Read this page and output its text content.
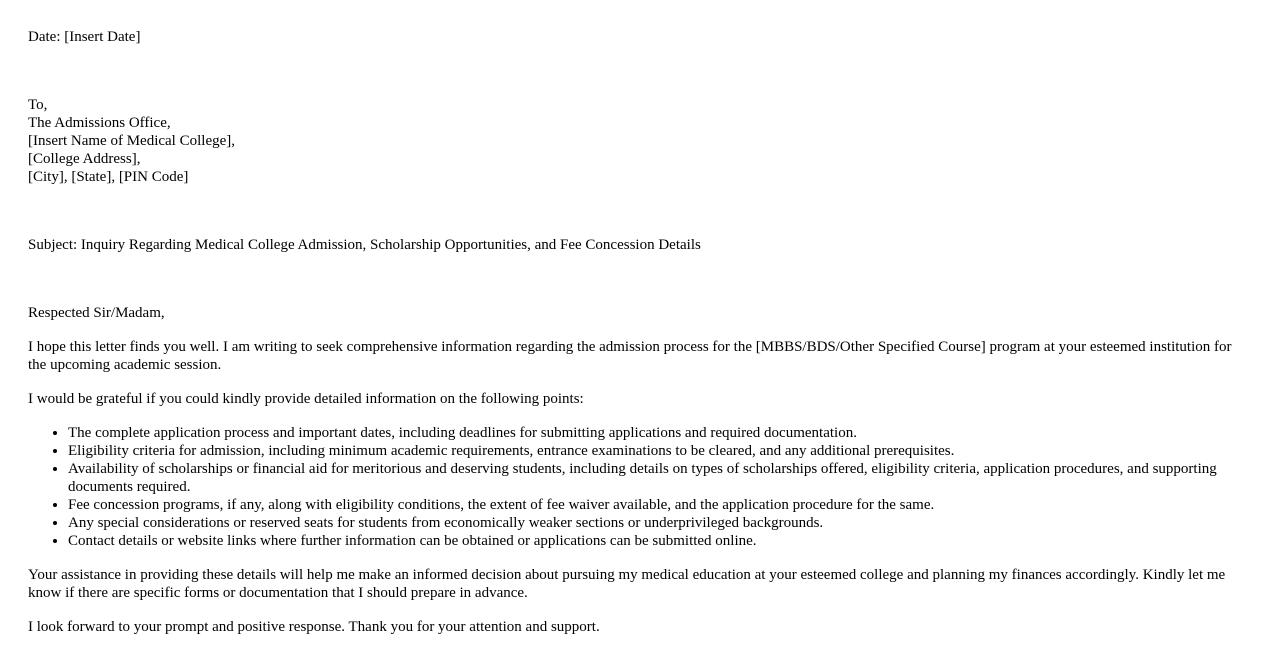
Date: [Insert Date]

To,
The Admissions Office,
[Insert Name of Medical College],
[College Address],
[City], [State], [PIN Code]

Subject: Inquiry Regarding Medical College Admission, Scholarship Opportunities, and Fee Concession Details

Respected Sir/Madam,

I hope this letter finds you well. I am writing to seek comprehensive information regarding the admission process for the [MBBS/BDS/Other Specified Course] program at your esteemed institution for the upcoming academic session.

I would be grateful if you could kindly provide detailed information on the following points:

• The complete application process and important dates, including deadlines for submitting applications and required documentation.
• Eligibility criteria for admission, including minimum academic requirements, entrance examinations to be cleared, and any additional prerequisites.
• Availability of scholarships or financial aid for meritorious and deserving students, including details on types of scholarships offered, eligibility criteria, application procedures, and supporting documents required.
• Fee concession programs, if any, along with eligibility conditions, the extent of fee waiver available, and the application procedure for the same.
• Any special considerations or reserved seats for students from economically weaker sections or underprivileged backgrounds.
• Contact details or website links where further information can be obtained or applications can be submitted online.

Your assistance in providing these details will help me make an informed decision about pursuing my medical education at your esteemed college and planning my finances accordingly. Kindly let me know if there are specific forms or documentation that I should prepare in advance.

I look forward to your prompt and positive response. Thank you for your attention and support.
